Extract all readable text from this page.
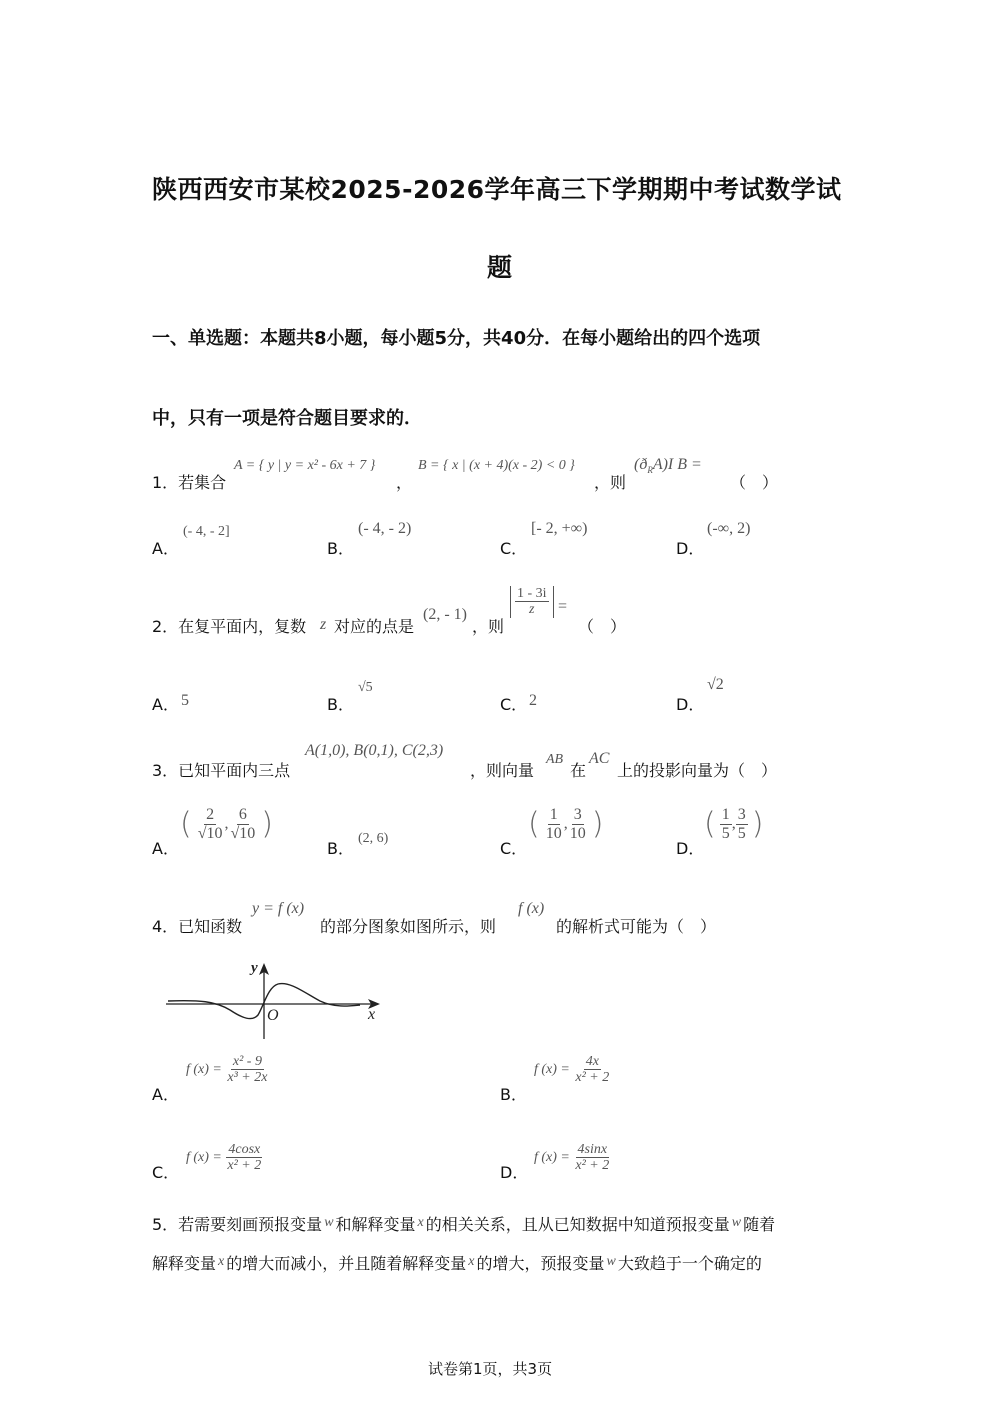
陕西西安市某校2025-2026学年高三下学期期中考试数学试
题
一、单选题：本题共8小题，每小题5分，共40分．在每小题给出的四个选项
中，只有一项是符合题目要求的．
1．若集合
A = { y | y = x² - 6x + 7 }
，
B = { x | (x + 4)(x - 2) < 0 }
，则
$(ð_RA)I$ B =
（　）
A．
(- 4, - 2]
B．
(- 4, - 2)
C．
[- 2, +∞)
D．
(-∞, 2)
2．在复平面内，复数 z 对应的点是
(2, - 1)
，则
$\frac{1 - 3i}{z}$ =
（　）
A． 5	B．
√5
C． 2	D．
√2
3．已知平面内三点
A(1,0), B(0,1), C(2,3)
，则向量
AB
在
AC
上的投影向量为（　）
A．
( $\frac{2}{√10}$ , $\frac{6}{√10}$ )
B．
(2, 6)
C．
( $\frac{1}{10}$ , $\frac{3}{10}$ )
D．
( $\frac{1}{5}$ , $\frac{3}{5}$ )
4．已知函数
y = f (x)
的部分图象如图所示，则
f (x)
的解析式可能为（　）
y
x
O
A．
f $(x) = \frac{\text{x² - 9}}{\text{x³ + 2x}}$
B．
f $(x) = \frac{4x}{\text{x² + 2}}$
C．
f $(x) = \frac{4\cos x}{\text{x² + 2}}$	D．
f $(x) = \frac{4\sin x}{\text{x² + 2}}$
5．若需要刻画预报变量 w 和解释变量 x 的相关关系，且从已知数据中知道预报变量 w 随着
解释变量 x 的增大而减小，并且随着解释变量 x 的增大，预报变量 w 大致趋于一个确定的
试卷第1页，共3页
